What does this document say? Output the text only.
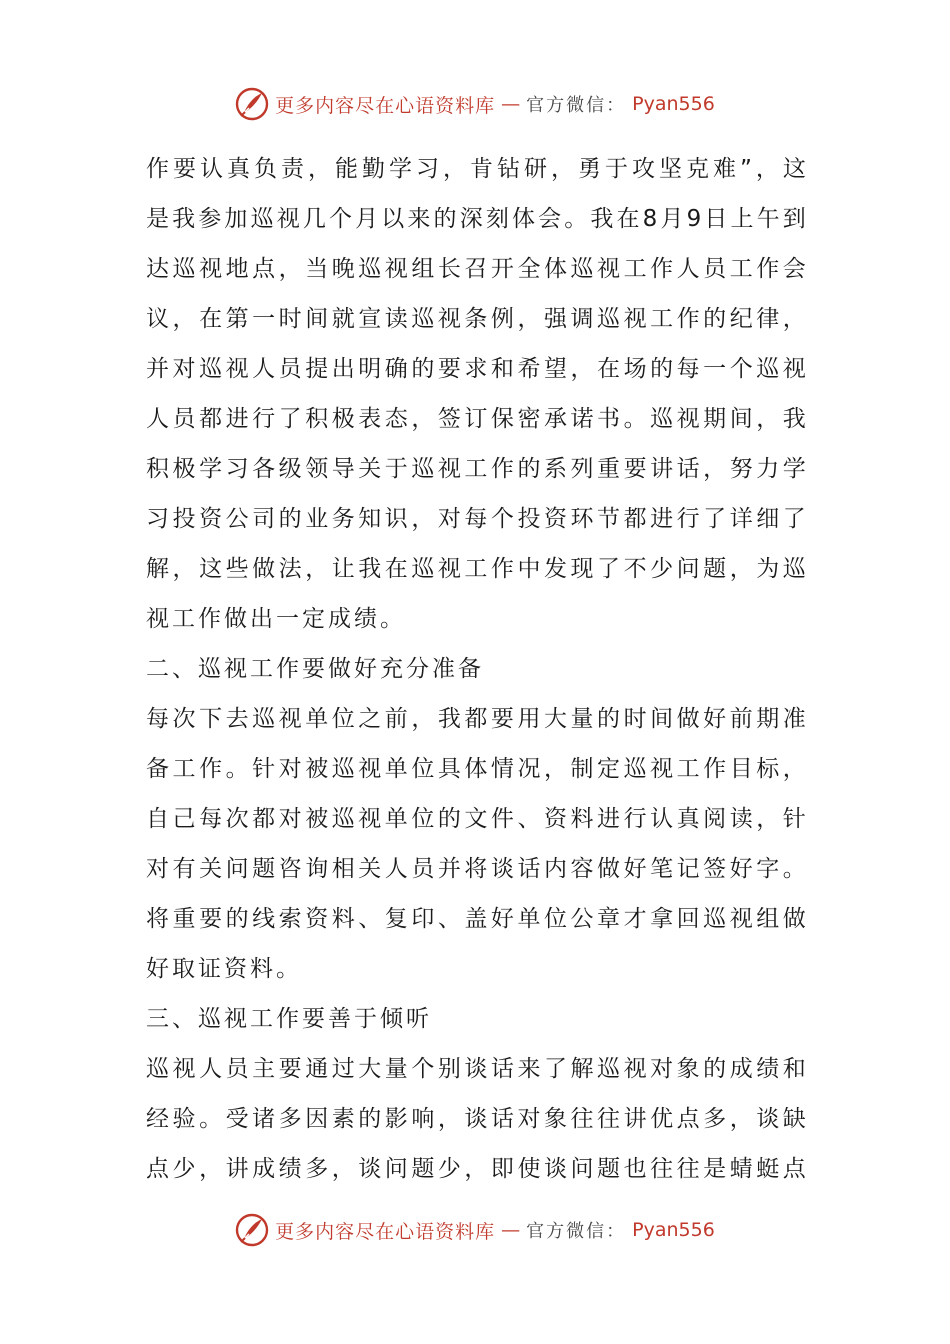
更多内容尽在心语资料库 — 官方微信： Pyan556
作 要 认 真 负 责 ， 能 勤 学 习 ， 肯 钻 研 ， 勇 于 攻 坚 克 难 ” ， 这
是 我 参 加 巡 视 几 个 月 以 来 的 深 刻 体 会 。 我 在 8 月 9 日 上 午 到
达 巡 视 地 点 ， 当 晚 巡 视 组 长 召 开 全 体 巡 视 工 作 人 员 工 作 会
议 ， 在 第 一 时 间 就 宣 读 巡 视 条 例 ， 强 调 巡 视 工 作 的 纪 律 ，
并 对 巡 视 人 员 提 出 明 确 的 要 求 和 希 望 ， 在 场 的 每 一 个 巡 视
人 员 都 进 行 了 积 极 表 态 ， 签 订 保 密 承 诺 书 。 巡 视 期 间 ， 我
积 极 学 习 各 级 领 导 关 于 巡 视 工 作 的 系 列 重 要 讲 话 ， 努 力 学
习 投 资 公 司 的 业 务 知 识 ， 对 每 个 投 资 环 节 都 进 行 了 详 细 了
解 ， 这 些 做 法 ， 让 我 在 巡 视 工 作 中 发 现 了 不 少 问 题 ， 为 巡
视工作做出一定成绩。
二、巡视工作要做好充分准备
每 次 下 去 巡 视 单 位 之 前 ， 我 都 要 用 大 量 的 时 间 做 好 前 期 准
备 工 作 。 针 对 被 巡 视 单 位 具 体 情 况 ， 制 定 巡 视 工 作 目 标 ，
自 己 每 次 都 对 被 巡 视 单 位 的 文 件 、 资 料 进 行 认 真 阅 读 ， 针
对 有 关 问 题 咨 询 相 关 人 员 并 将 谈 话 内 容 做 好 笔 记 签 好 字 。
将 重 要 的 线 索 资 料 、 复 印 、 盖 好 单 位 公 章 才 拿 回 巡 视 组 做
好取证资料。
三、巡视工作要善于倾听
巡 视 人 员 主 要 通 过 大 量 个 别 谈 话 来 了 解 巡 视 对 象 的 成 绩 和
经 验 。 受 诸 多 因 素 的 影 响 ， 谈 话 对 象 往 往 讲 优 点 多 ， 谈 缺
点 少 ， 讲 成 绩 多 ， 谈 问 题 少 ， 即 使 谈 问 题 也 往 往 是 蜻 蜓 点
更多内容尽在心语资料库 — 官方微信： Pyan556
